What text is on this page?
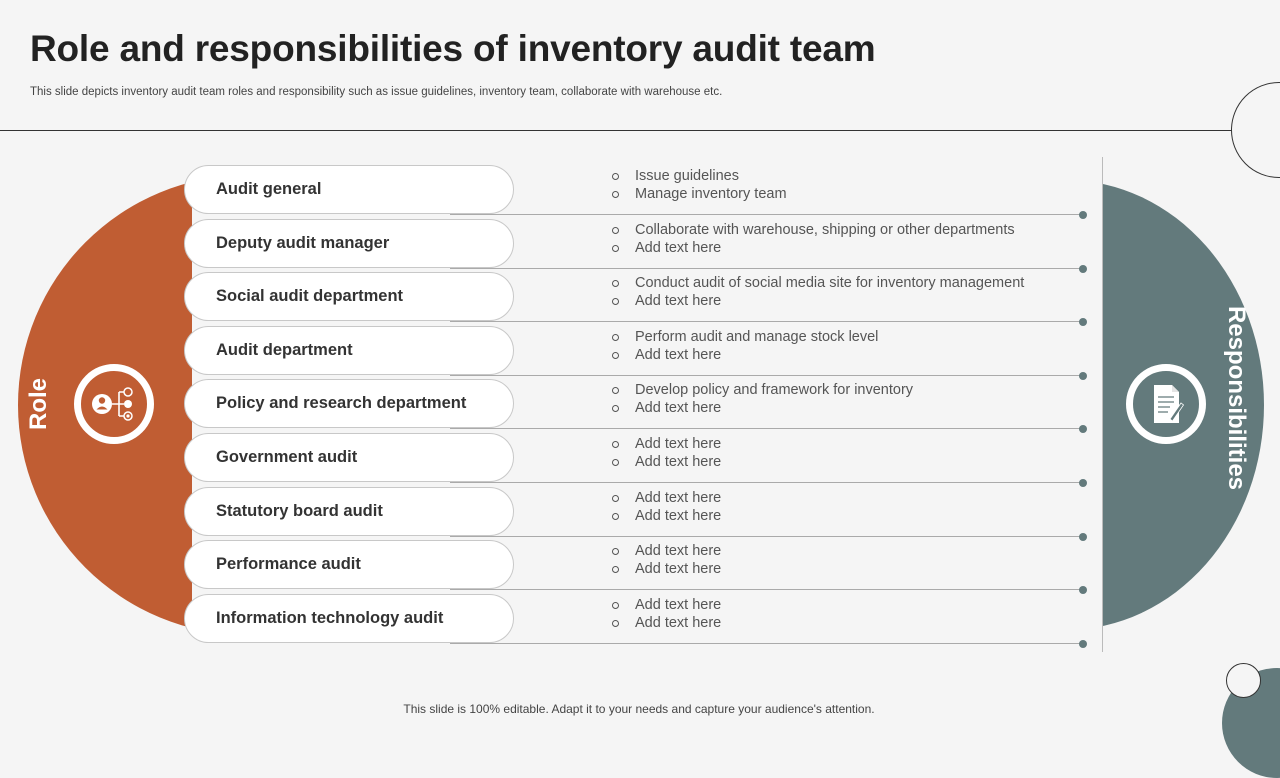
Role and responsibilities of inventory audit team
This slide depicts inventory audit team roles and responsibility such as issue guidelines, inventory team, collaborate with warehouse etc.
Role	Responsibilities
Audit general
Issue guidelines
Manage inventory team
Deputy audit manager
Collaborate with warehouse, shipping or other departments
Add text here
Social audit department
Conduct audit of social media site for inventory management
Add text here
Audit department
Perform audit and manage stock level
Add text here
Policy and research department
Develop policy and framework for inventory
Add text here
Government audit
Add text here
Add text here
Statutory board audit
Add text here
Add text here
Performance audit
Add text here
Add text here
Information technology audit
Add text here
Add text here
This slide is 100% editable. Adapt it to your needs and capture your audience's attention.
